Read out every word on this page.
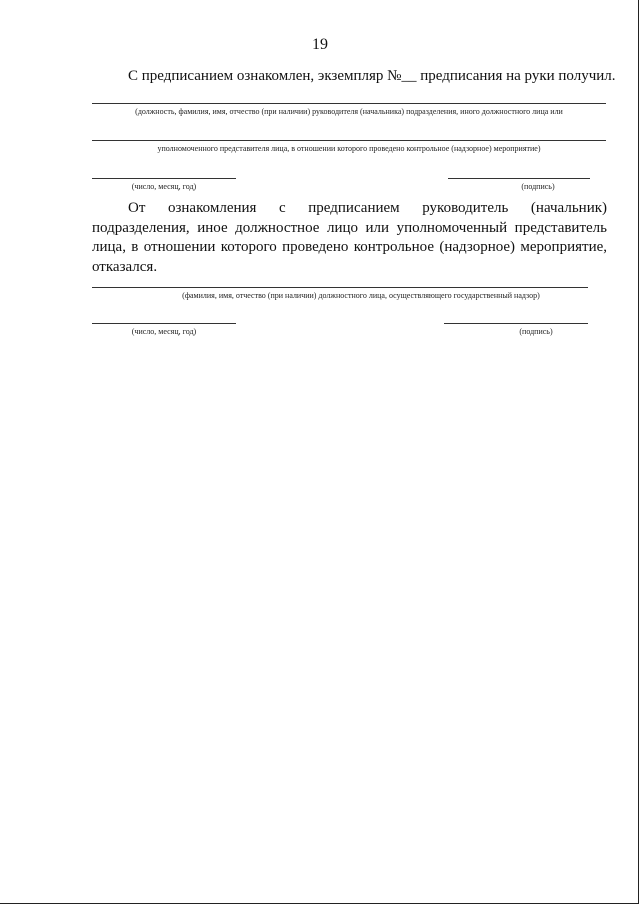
19
С предписанием ознакомлен, экземпляр №__ предписания на руки получил.
(должность, фамилия, имя, отчество (при наличии) руководителя (начальника) подразделения, иного должностного лица или
уполномоченного представителя лица, в отношении которого проведено контрольное (надзорное) мероприятие)
(число, месяц, год)	(подпись)
От ознакомления с предписанием руководитель (начальник)
подразделения, иное должностное лицо или уполномоченный представитель
лица, в отношении которого проведено контрольное (надзорное) мероприятие,
отказался.
(фамилия, имя, отчество (при наличии) должностного лица, осуществляющего государственный надзор)
(число, месяц, год)	(подпись)
